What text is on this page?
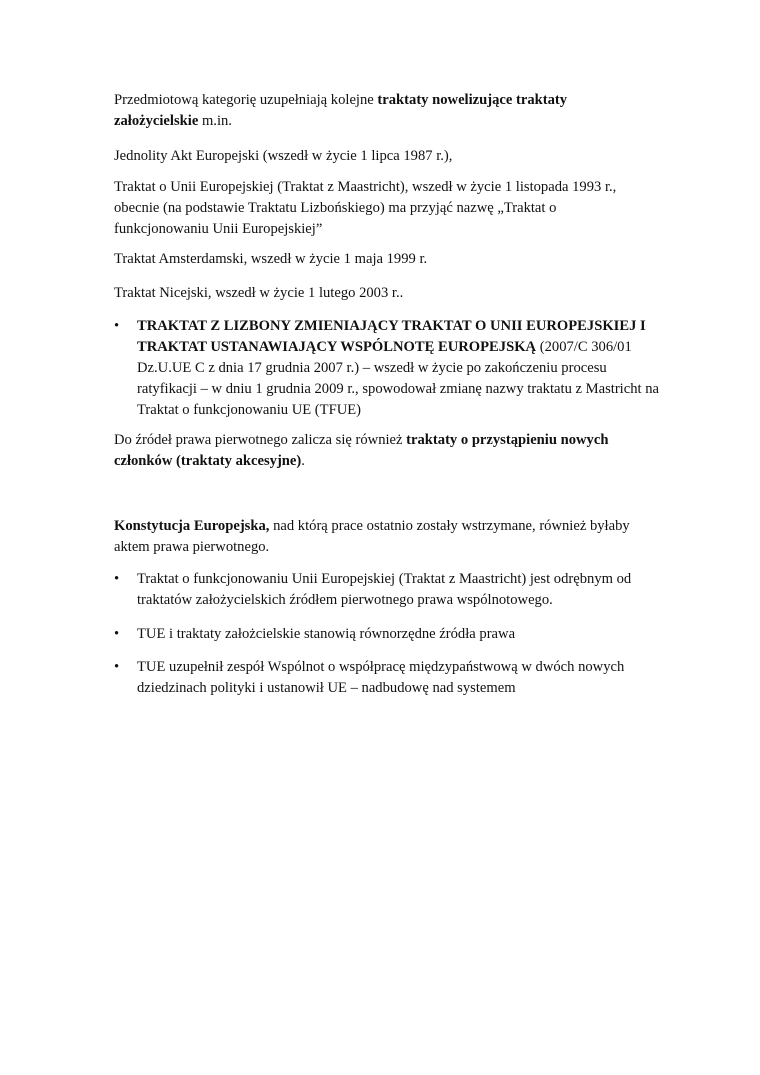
Przedmiotową kategorię uzupełniają kolejne traktaty nowelizujące traktaty założycielskie m.in.

Jednolity Akt Europejski (wszedł w życie 1 lipca 1987 r.),

Traktat o Unii Europejskiej (Traktat z Maastricht), wszedł w życie 1 listopada 1993 r., obecnie (na podstawie Traktatu Lizbońskiego) ma przyjąć nazwę „Traktat o funkcjonowaniu Unii Europejskiej”

Traktat Amsterdamski, wszedł w życie 1 maja 1999 r.

Traktat Nicejski, wszedł w życie 1 lutego 2003 r..

•	TRAKTAT Z LIZBONY ZMIENIAJĄCY TRAKTAT O UNII EUROPEJSKIEJ I TRAKTAT USTANAWIAJĄCY WSPÓLNOTĘ EUROPEJSKĄ (2007/C 306/01 Dz.U.UE C z dnia 17 grudnia 2007 r.) – wszedł w życie po zakończeniu procesu ratyfikacji – w dniu 1 grudnia 2009 r., spowodował zmianę nazwy traktatu z Mastricht na Traktat o funkcjonowaniu UE (TFUE)

Do źródeł prawa pierwotnego zalicza się również traktaty o przystąpieniu nowych członków (traktaty akcesyjne).

Konstytucja Europejska, nad którą prace ostatnio zostały wstrzymane, również byłaby aktem prawa pierwotnego.

•	Traktat o funkcjonowaniu Unii Europejskiej (Traktat z Maastricht) jest odrębnym od traktatów założycielskich źródłem pierwotnego prawa wspólnotowego.

•	TUE i traktaty założcielskie stanowią równorzędne źródła prawa

•	TUE uzupełnił zespół Wspólnot o współpracę międzypaństwową w dwóch nowych dziedzinach polityki i ustanowił UE – nadbudowę nad systemem
